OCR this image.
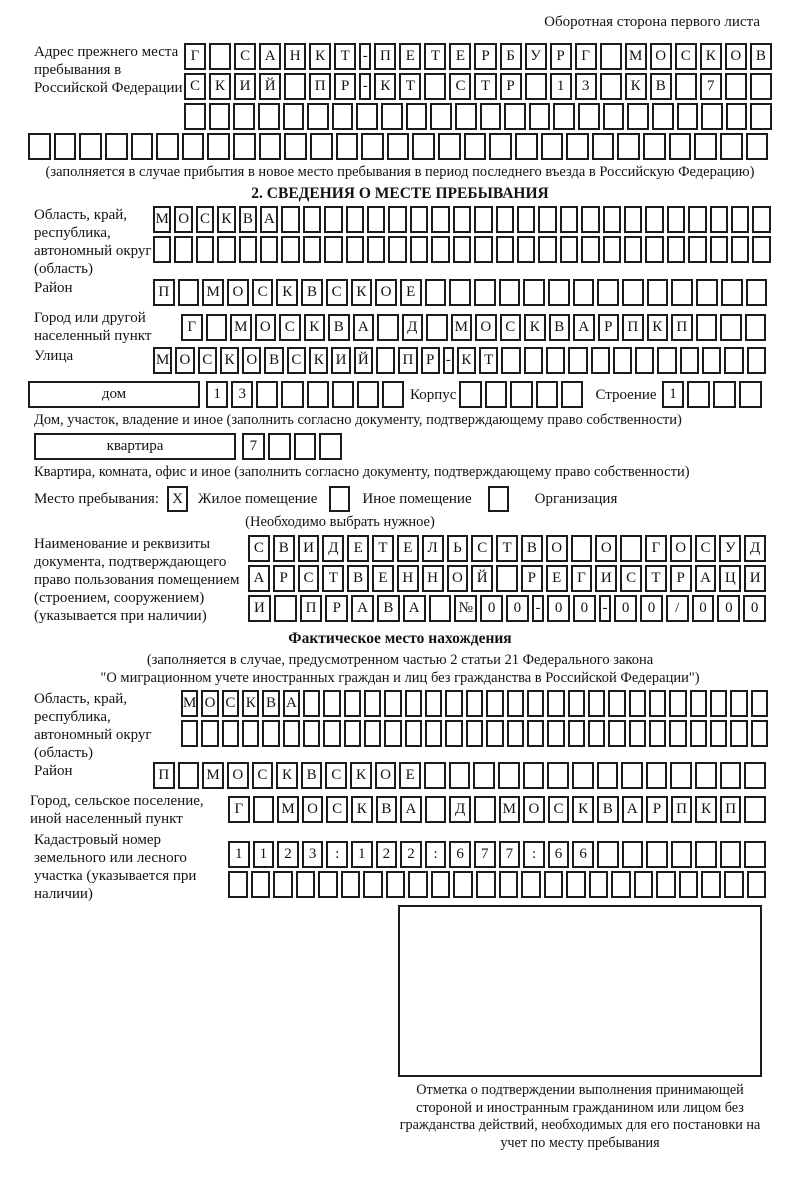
Оборотная сторона первого листа
Адрес прежнего места пребывания в Российской Федерации
Г	С А Н К	Т - П	Е	Т	Е	Р	Б	У	Р	Г	М О С	К О В
С	К И Й	П	Р - К	Т	С	Т	Р	1	3	К	В	7
(заполняется в случае прибытия в новое место пребывания в период последнего въезда в Российскую Федерацию)
2. СВЕДЕНИЯ О МЕСТЕ ПРЕБЫВАНИЯ
Область, край, республика, автономный округ (область)
М О С К В А
Район	П	М О С К В С К О Е
Город или другой населенный пункт
Г	М О С К В А	Д	М О С К В А Р П К П
Улица	М О С К О В С К И Й П Р - К Т
дом	1	3	Корпус	Строение 1
Дом, участок, владение и иное (заполнить согласно документу, подтверждающему право собственности)
квартира	7
Квартира, комната, офис и иное (заполнить согласно документу, подтверждающему право собственности)
Место пребывания: X	Жилое помещение	Иное помещение	Организация
(Необходимо выбрать нужное)
Наименование и реквизиты документа, подтверждающего право пользования помещением (строением, сооружением) (указывается при наличии)
С В И Д	Е	Т	Е	Л	Ь	С	Т	В О	О	Г	О С У Д
А	Р	С	Т	В	Е Н Н О Й	Р	Е	Г	И С	Т	Р	А Ц И
И	П	Р	А	В	А	№ 0	0 - 0	0 - 0	0	/	0	0	0
Фактическое место нахождения
(заполняется в случае, предусмотренном частью 2 статьи 21 Федерального закона
"О миграционном учете иностранных граждан и лиц без гражданства в Российской Федерации")
Область, край, республика, автономный округ (область)
М О С К В А
Район	П	М О С К В С К О Е
Город, сельское поселение, иной населенный пункт
Г	М О С К В А	Д	М О С К В А	Р	П К П
Кадастровый номер земельного или лесного участка (указывается при наличии)
1	1	2	3	:	1	2	2	:	6	7	7	:	6	6
Отметка о подтверждении выполнения принимающей стороной и иностранным гражданином или лицом без гражданства действий, необходимых для его постановки на учет по месту пребывания
